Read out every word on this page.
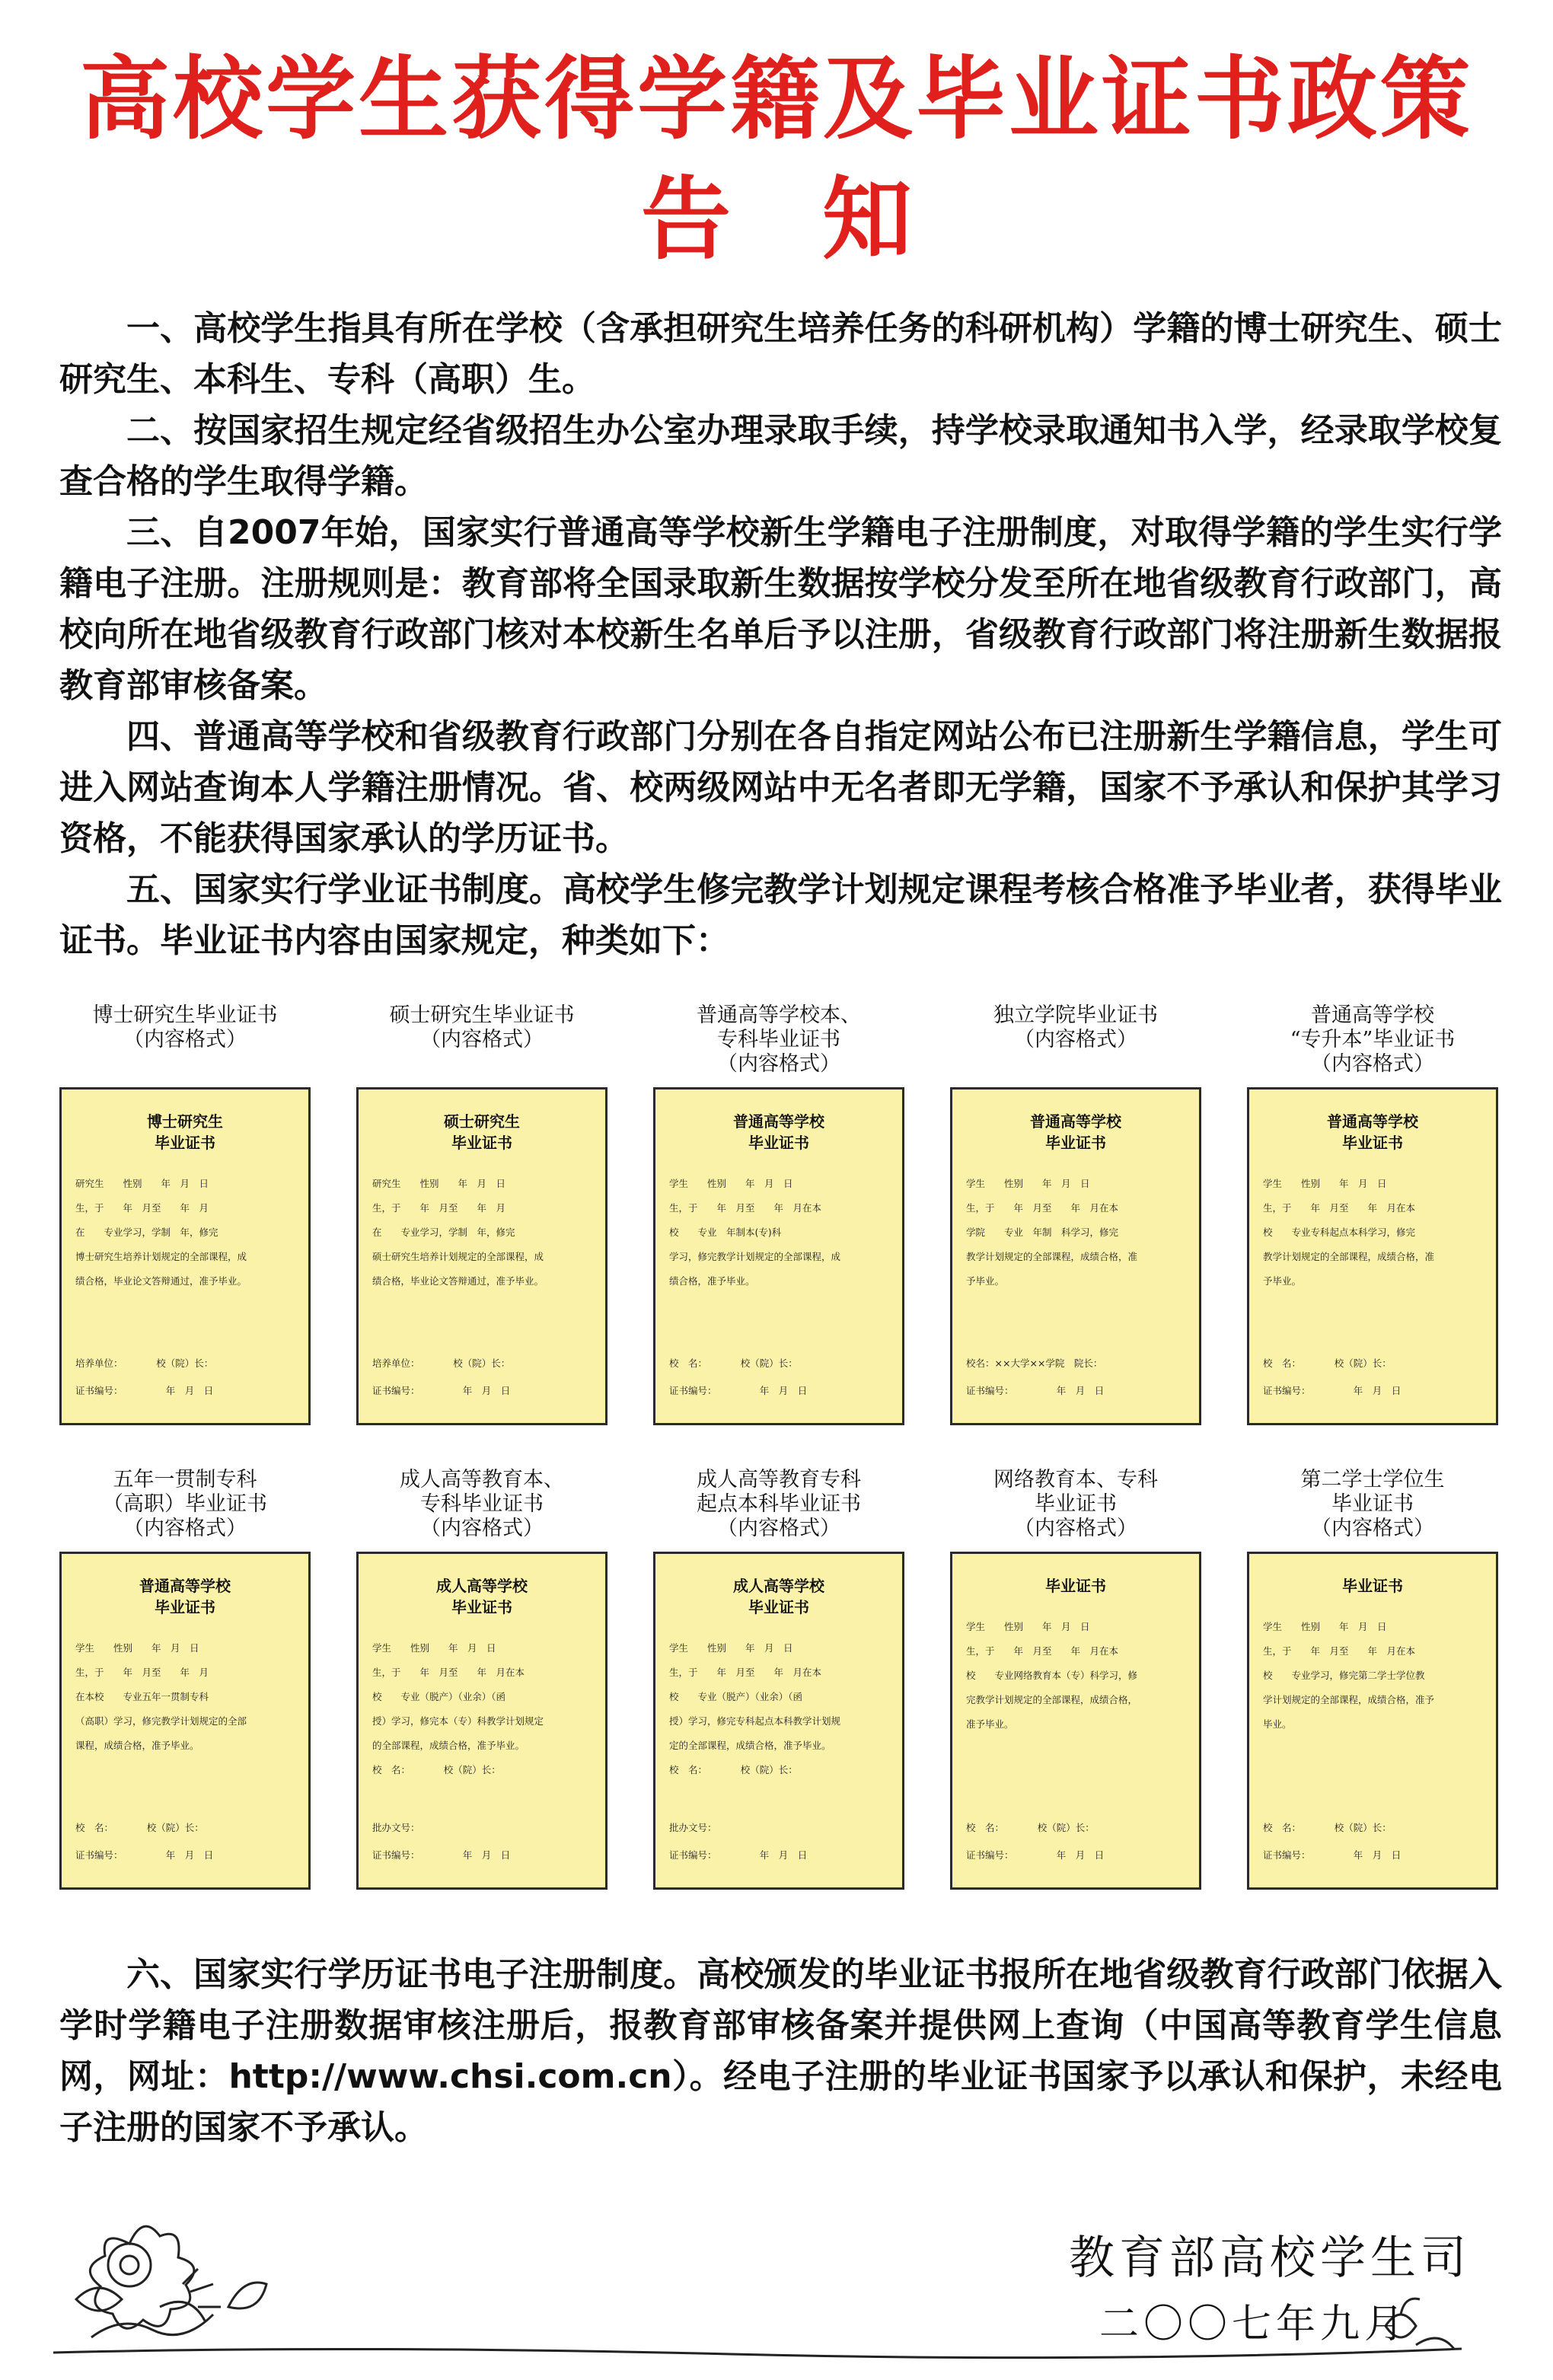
高校学生获得学籍及毕业证书政策
告知

一、高校学生指具有所在学校（含承担研究生培养任务的科研机构）学籍的博士研究生、硕士研究生、本科生、专科（高职）生。

二、按国家招生规定经省级招生办公室办理录取手续，持学校录取通知书入学，经录取学校复查合格的学生取得学籍。

三、自2007年始，国家实行普通高等学校新生学籍电子注册制度，对取得学籍的学生实行学籍电子注册。注册规则是：教育部将全国录取新生数据按学校分发至所在地省级教育行政部门，高校向所在地省级教育行政部门核对本校新生名单后予以注册，省级教育行政部门将注册新生数据报教育部审核备案。

四、普通高等学校和省级教育行政部门分别在各自指定网站公布已注册新生学籍信息，学生可进入网站查询本人学籍注册情况。省、校两级网站中无名者即无学籍，国家不予承认和保护其学习资格，不能获得国家承认的学历证书。

五、国家实行学业证书制度。高校学生修完教学计划规定课程考核合格准予毕业者，获得毕业证书。毕业证书内容由国家规定，种类如下：

博士研究生毕业证书
（内容格式）
博士研究生
毕业证书
研究生　　性别　　年　月　日
生，于　　年　月至　　年　月
在　　专业学习，学制　年，修完
博士研究生培养计划规定的全部课程，成
绩合格，毕业论文答辩通过，准予毕业。
培养单位：　　　　校（院）长：
证书编号：　　　　　年　月　日
硕士研究生毕业证书
（内容格式）
硕士研究生
毕业证书
研究生　　性别　　年　月　日
生，于　　年　月至　　年　月
在　　专业学习，学制　年，修完
硕士研究生培养计划规定的全部课程，成
绩合格，毕业论文答辩通过，准予毕业。
培养单位：　　　　校（院）长：
证书编号：　　　　　年　月　日
普通高等学校本、
专科毕业证书
（内容格式）
普通高等学校
毕业证书
学生　　性别　　年　月　日
生，于　　年　月至　　年　月在本
校　　专业　年制本(专)科
学习，修完教学计划规定的全部课程，成
绩合格，准予毕业。
校　名：　　　　校（院）长：
证书编号：　　　　　年　月　日
独立学院毕业证书
（内容格式）
普通高等学校
毕业证书
学生　　性别　　年　月　日
生，于　　年　月至　　年　月在本
学院　　专业　年制　科学习，修完
教学计划规定的全部课程，成绩合格，准
予毕业。
校名：××大学××学院　院长：
证书编号：　　　　　年　月　日
普通高等学校
“专升本”毕业证书
（内容格式）
普通高等学校
毕业证书
学生　　性别　　年　月　日
生，于　　年　月至　　年　月在本
校　　专业专科起点本科学习，修完
教学计划规定的全部课程，成绩合格，准
予毕业。
校　名：　　　　校（院）长：
证书编号：　　　　　年　月　日
五年一贯制专科
（高职）毕业证书
（内容格式）
普通高等学校
毕业证书
学生　　性别　　年　月　日
生，于　　年　月至　　年　月
在本校　　专业五年一贯制专科
（高职）学习，修完教学计划规定的全部
课程，成绩合格，准予毕业。
校　名：　　　　校（院）长：
证书编号：　　　　　年　月　日
成人高等教育本、
专科毕业证书
（内容格式）
成人高等学校
毕业证书
学生　　性别　　年　月　日
生，于　　年　月至　　年　月在本
校　　专业（脱产）（业余）（函
授）学习，修完本（专）科教学计划规定
的全部课程，成绩合格，准予毕业。
校　名：　　　　校（院）长：
批办文号：
证书编号：　　　　　年　月　日
成人高等教育专科
起点本科毕业证书
（内容格式）
成人高等学校
毕业证书
学生　　性别　　年　月　日
生，于　　年　月至　　年　月在本
校　　专业（脱产）（业余）（函
授）学习，修完专科起点本科教学计划规
定的全部课程，成绩合格，准予毕业。
校　名：　　　　校（院）长：
批办文号：
证书编号：　　　　　年　月　日
网络教育本、专科
毕业证书
（内容格式）
毕业证书
学生　　性别　　年　月　日
生，于　　年　月至　　年　月在本
校　　专业网络教育本（专）科学习，修
完教学计划规定的全部课程，成绩合格，
准予毕业。
校　名：　　　　校（院）长：
证书编号：　　　　　年　月　日
第二学士学位生
毕业证书
（内容格式）
毕业证书
学生　　性别　　年　月　日
生，于　　年　月至　　年　月在本
校　　专业学习，修完第二学士学位教
学计划规定的全部课程，成绩合格，准予
毕业。
校　名：　　　　校（院）长：
证书编号：　　　　　年　月　日

六、国家实行学历证书电子注册制度。高校颁发的毕业证书报所在地省级教育行政部门依据入学时学籍电子注册数据审核注册后，报教育部审核备案并提供网上查询（中国高等教育学生信息网，网址：http://www.chsi.com.cn）。经电子注册的毕业证书国家予以承认和保护，未经电子注册的国家不予承认。

教育部高校学生司
二〇〇七年九月
